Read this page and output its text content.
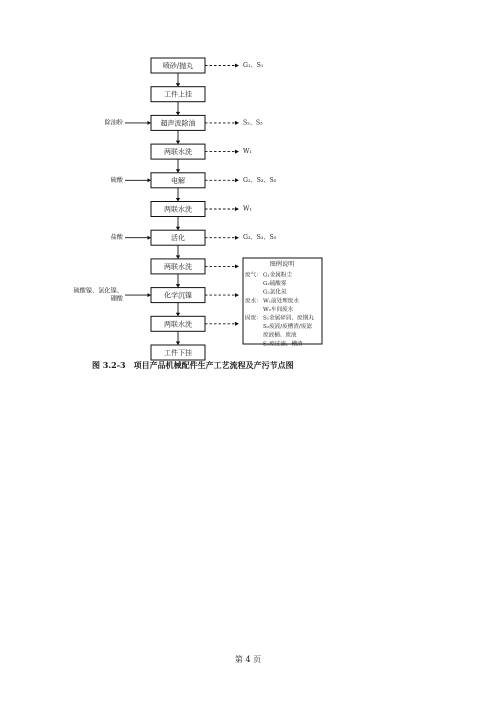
喷砂/抛丸	G₁、S₁
工件上挂
超声波除油	S₂、S₃
除油粉
两联水洗	W₁
电解	G₂、S₃、S₅
硫酸
两联水洗	W₁
活化	G₃、S₃、S₅
盐酸
两联水洗
化学沉镍
硫酸镍、氯化镍、
硼酸
两联水洗
工件下挂
图例说明
废气： G₁金属粉尘
G₂硫酸雾
G₃氯化氢
废水： W₁前处理废水
W₂车间废水
固废： S₁金属碎屑、废钢丸
S₂废液/废槽渣/废滤
废液桶、废液
S₃废过滤、槽渣
图 3.2-3　项目产品机械配件生产工艺流程及产污节点图
第 4 页
